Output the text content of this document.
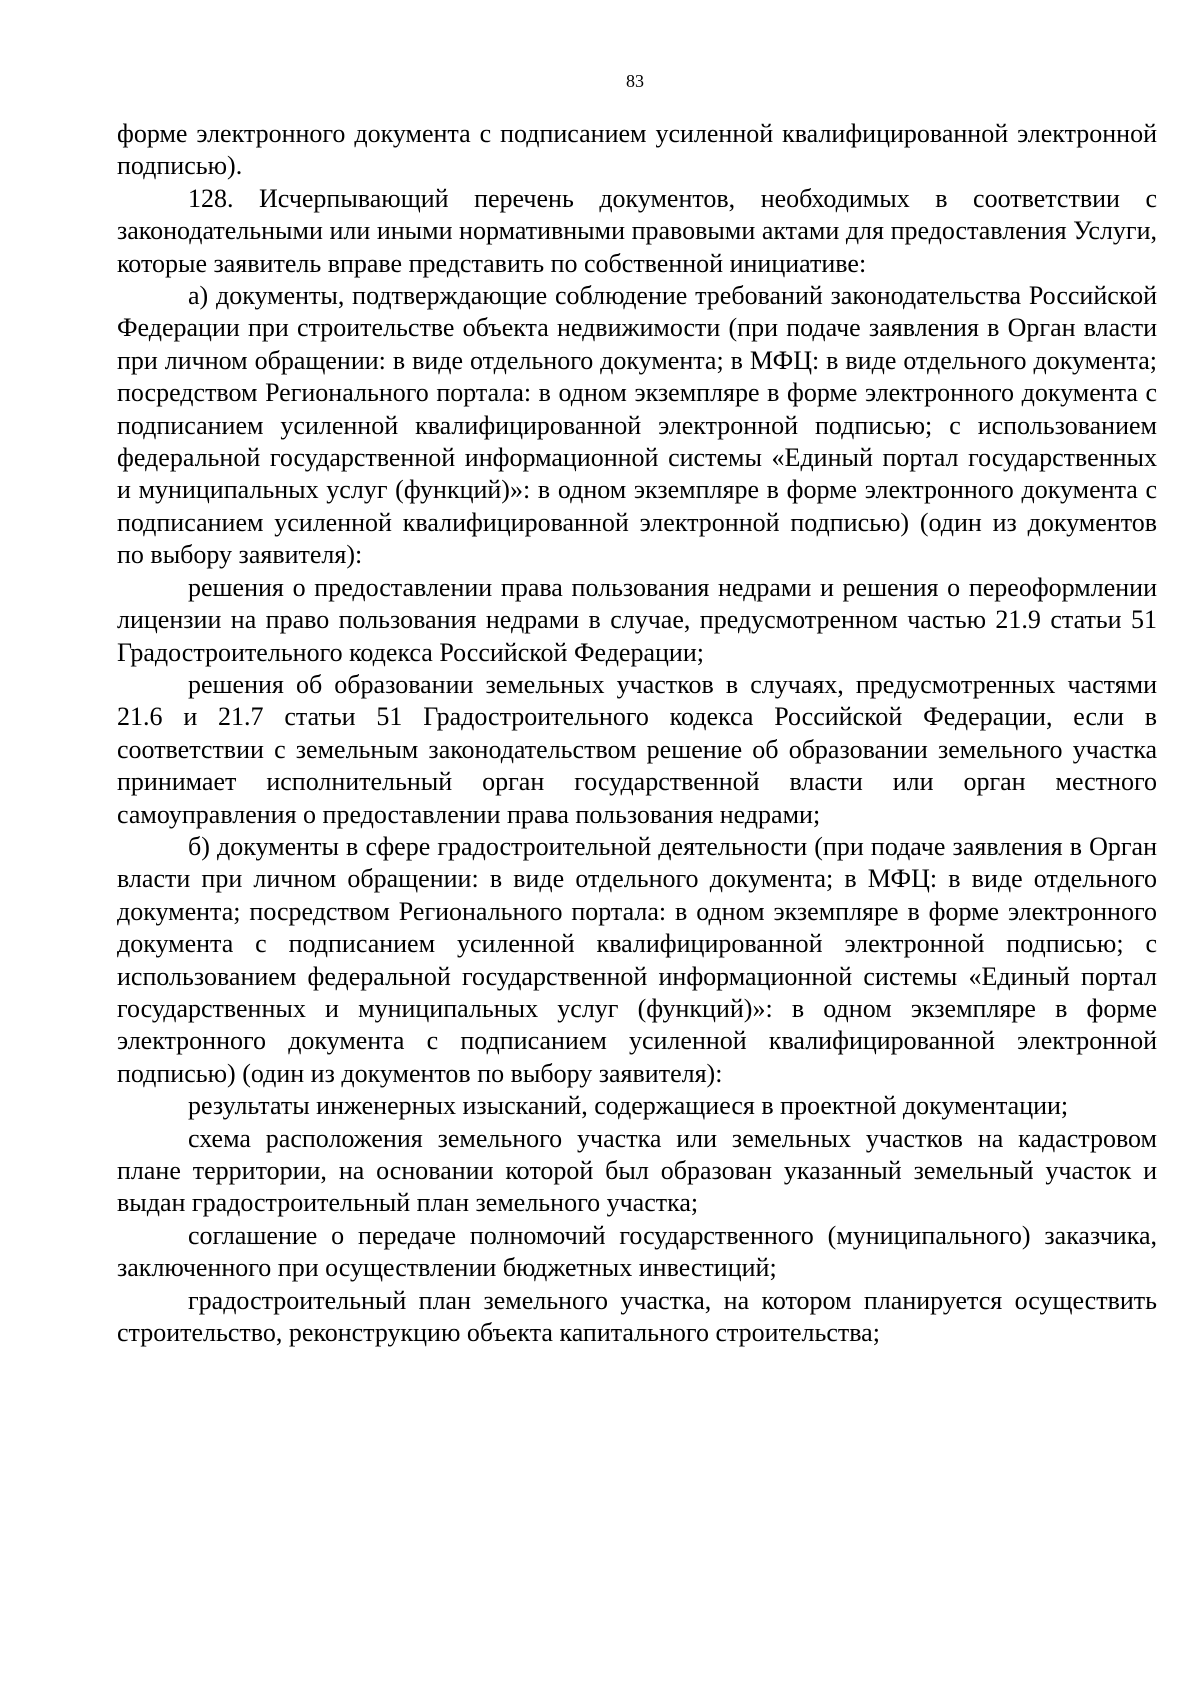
83

форме электронного документа с подписанием усиленной квалифицированной электронной подписью).

128. Исчерпывающий перечень документов, необходимых в соответствии с законодательными или иными нормативными правовыми актами для предоставления Услуги, которые заявитель вправе представить по собственной инициативе:

а) документы, подтверждающие соблюдение требований законодательства Российской Федерации при строительстве объекта недвижимости (при подаче заявления в Орган власти при личном обращении: в виде отдельного документа; в МФЦ: в виде отдельного документа; посредством Регионального портала: в одном экземпляре в форме электронного документа с подписанием усиленной квалифицированной электронной подписью; с использованием федеральной государственной информационной системы «Единый портал государственных и муниципальных услуг (функций)»: в одном экземпляре в форме электронного документа с подписанием усиленной квалифицированной электронной подписью) (один из документов по выбору заявителя):

решения о предоставлении права пользования недрами и решения о переоформлении лицензии на право пользования недрами в случае, предусмотренном частью 21.9 статьи 51 Градостроительного кодекса Российской Федерации;

решения об образовании земельных участков в случаях, предусмотренных частями 21.6 и 21.7 статьи 51 Градостроительного кодекса Российской Федерации, если в соответствии с земельным законодательством решение об образовании земельного участка принимает исполнительный орган государственной власти или орган местного самоуправления о предоставлении права пользования недрами;

б) документы в сфере градостроительной деятельности (при подаче заявления в Орган власти при личном обращении: в виде отдельного документа; в МФЦ: в виде отдельного документа; посредством Регионального портала: в одном экземпляре в форме электронного документа с подписанием усиленной квалифицированной электронной подписью; с использованием федеральной государственной информационной системы «Единый портал государственных и муниципальных услуг (функций)»: в одном экземпляре в форме электронного документа с подписанием усиленной квалифицированной электронной подписью) (один из документов по выбору заявителя):

результаты инженерных изысканий, содержащиеся в проектной документации;

схема расположения земельного участка или земельных участков на кадастровом плане территории, на основании которой был образован указанный земельный участок и выдан градостроительный план земельного участка;

соглашение о передаче полномочий государственного (муниципального) заказчика, заключенного при осуществлении бюджетных инвестиций;

градостроительный план земельного участка, на котором планируется осуществить строительство, реконструкцию объекта капитального строительства;
